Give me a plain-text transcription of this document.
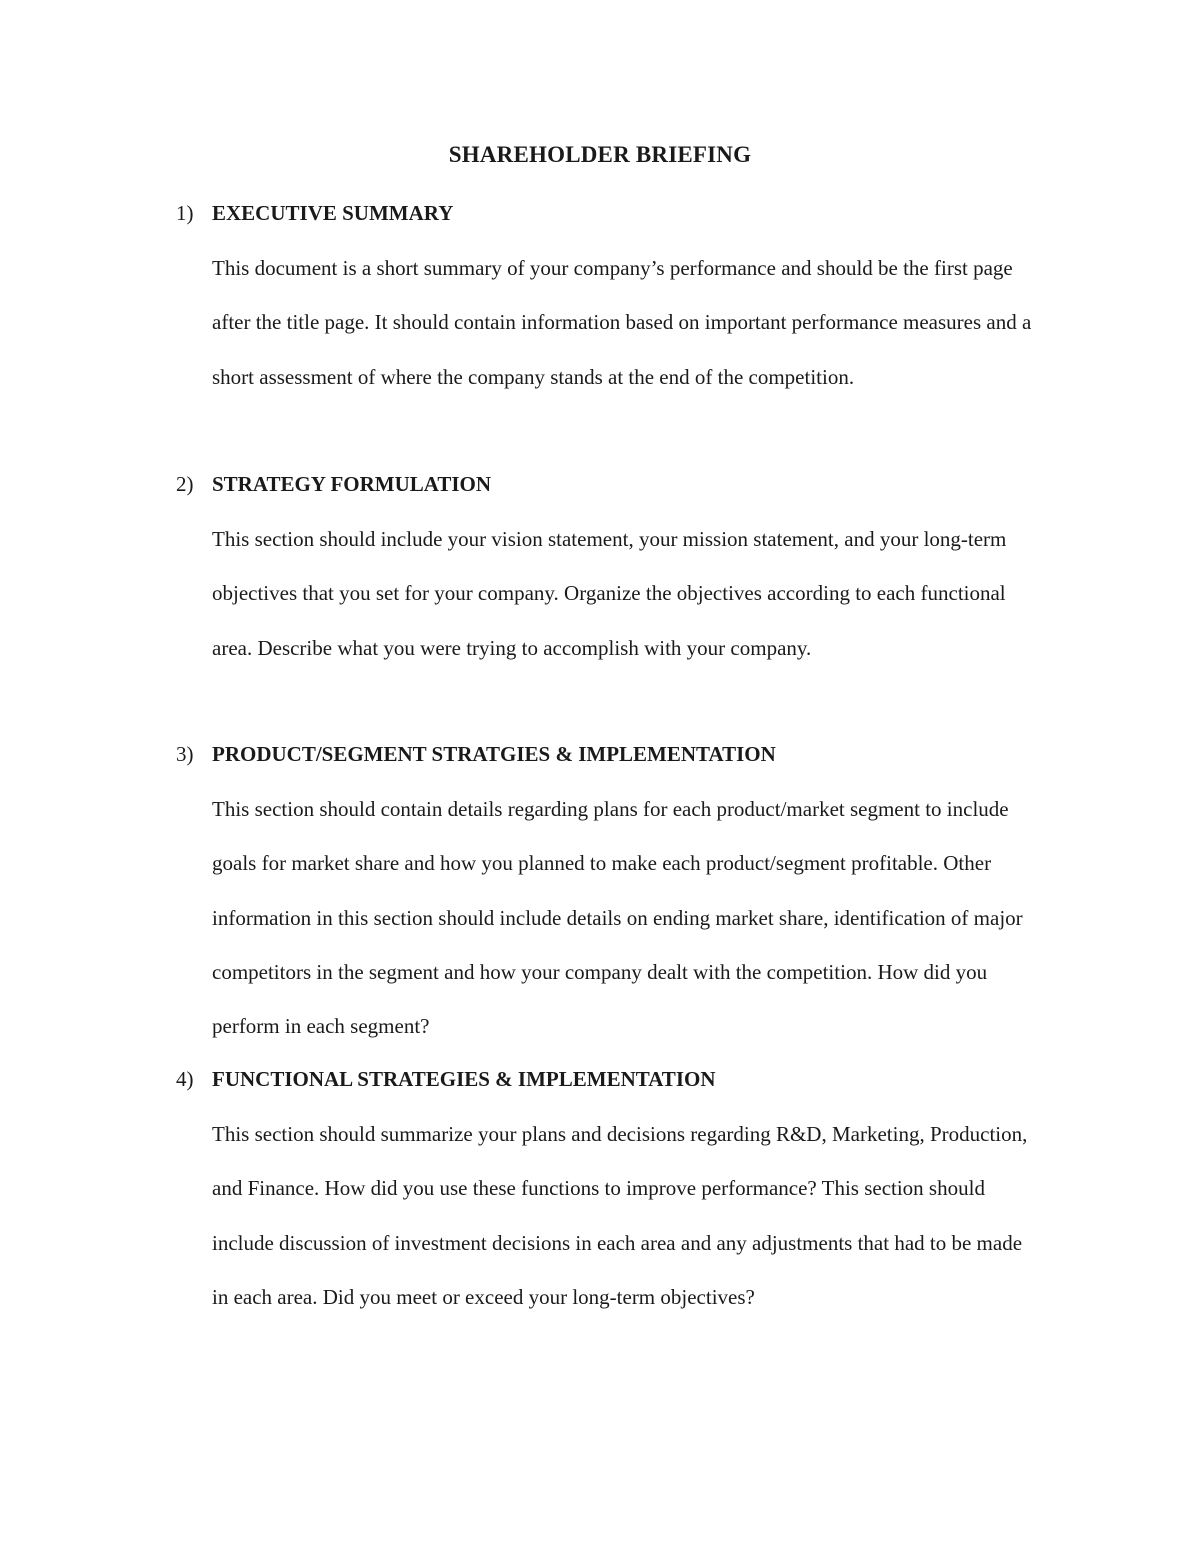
SHAREHOLDER BRIEFING
1) EXECUTIVE SUMMARY

This document is a short summary of your company’s performance and should be the first page after the title page. It should contain information based on important performance measures and a short assessment of where the company stands at the end of the competition.

2) STRATEGY FORMULATION

This section should include your vision statement, your mission statement, and your long-term objectives that you set for your company. Organize the objectives according to each functional area. Describe what you were trying to accomplish with your company.

3) PRODUCT/SEGMENT STRATGIES & IMPLEMENTATION

This section should contain details regarding plans for each product/market segment to include goals for market share and how you planned to make each product/segment profitable. Other information in this section should include details on ending market share, identification of major competitors in the segment and how your company dealt with the competition. How did you perform in each segment?

4) FUNCTIONAL STRATEGIES & IMPLEMENTATION

This section should summarize your plans and decisions regarding R&D, Marketing, Production, and Finance. How did you use these functions to improve performance? This section should include discussion of investment decisions in each area and any adjustments that had to be made in each area. Did you meet or exceed your long-term objectives?
